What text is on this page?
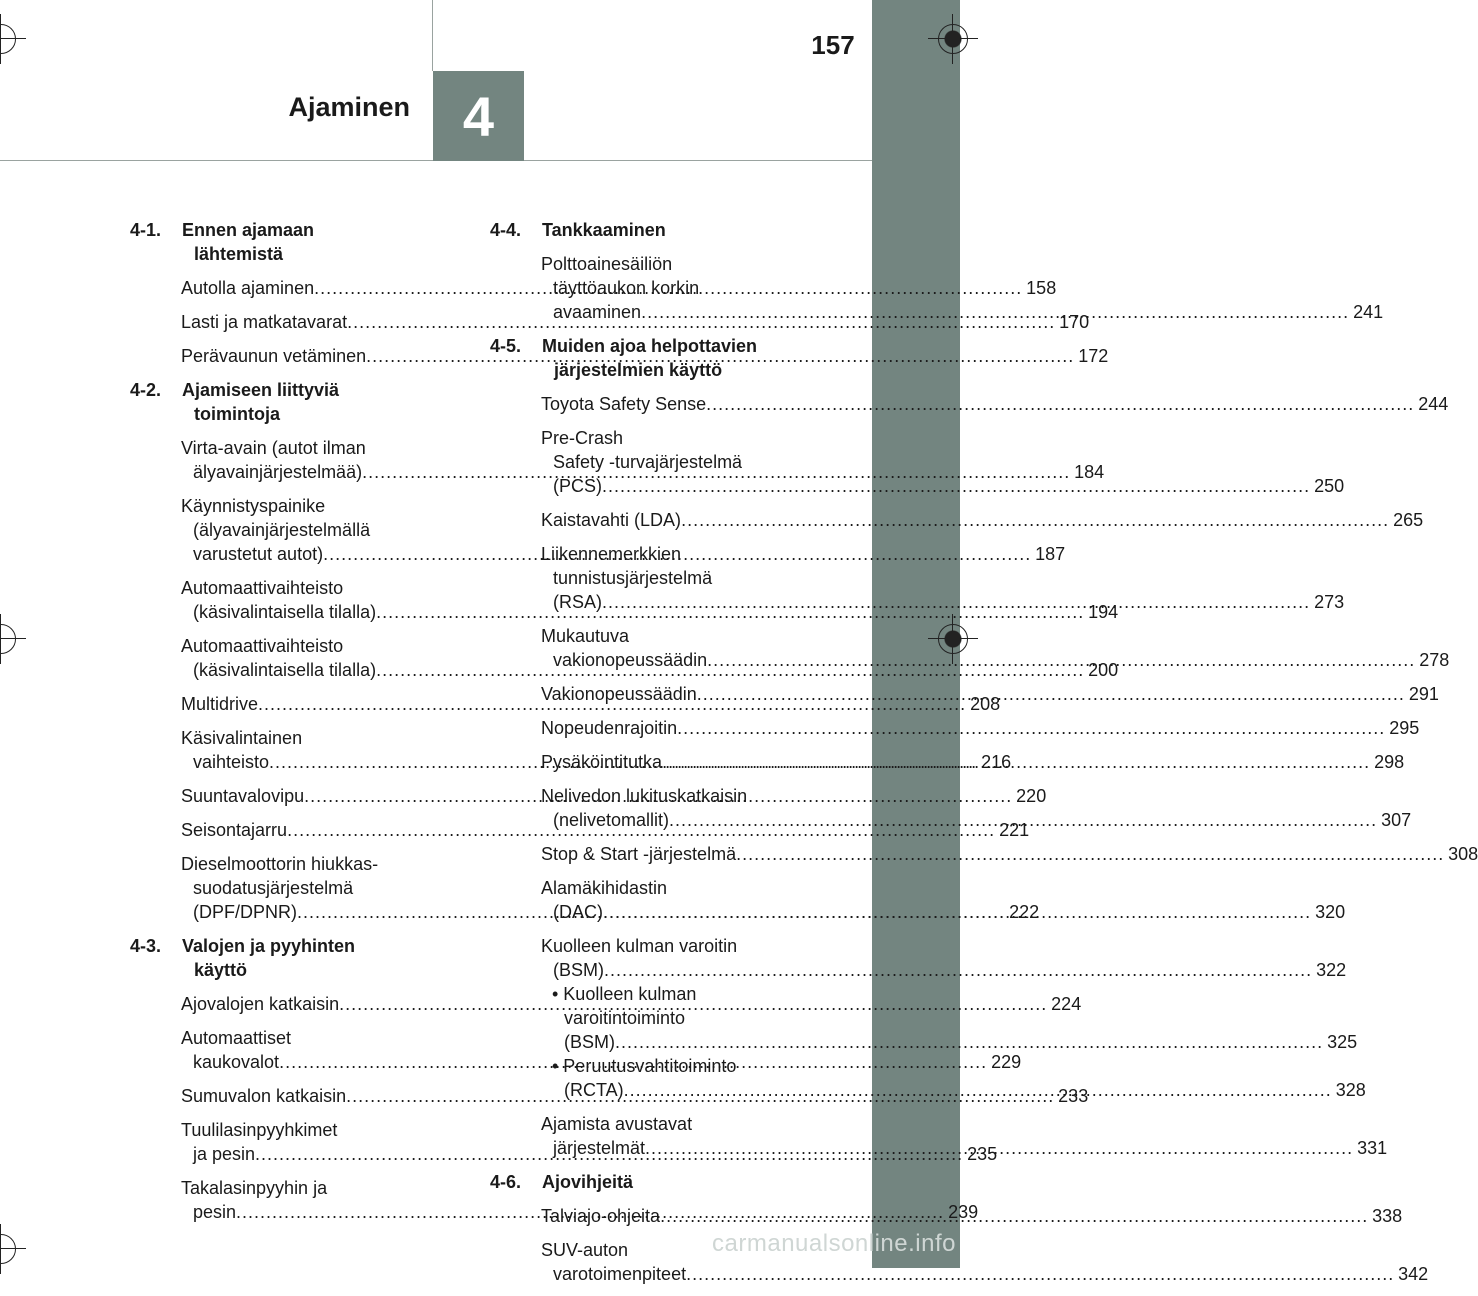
157
Ajaminen 4
4-1.	Ennen ajamaan
lähtemistä
Autolla ajaminen .....	158
Lasti ja matkatavarat .....	170
Perävaunun vetäminen .....	172
4-2.	Ajamiseen liittyviä
toimintoja
Virta-avain (autot ilman
älyavainjärjestelmää) .....	184
Käynnistyspainike
(älyavainjärjestelmällä
varustetut autot) .....	187
Automaattivaihteisto
(käsivalintaisella tilalla) .....	194
Automaattivaihteisto
(käsivalintaisella tilalla) .....	200
Multidrive .....	208
Käsivalintainen
vaihteisto .....	216
Suuntavalovipu .....	220
Seisontajarru .....	221
Dieselmoottorin hiukkas-
suodatusjärjestelmä
(DPF/DPNR) .....	222
4-3.	Valojen ja pyyhinten
käyttö
Ajovalojen katkaisin .....	224
Automaattiset
kaukovalot .....	229
Sumuvalon katkaisin .....	233
Tuulilasinpyyhkimet
ja pesin .....	235
Takalasinpyyhin ja
pesin .....	239
4-4.	Tankkaaminen
Polttoainesäiliön
täyttöaukon korkin
avaaminen .....	241
4-5.	Muiden ajoa helpottavien
järjestelmien käyttö
Toyota Safety Sense .....	244
Pre-Crash
Safety -turvajärjestelmä
(PCS) .....	250
Kaistavahti (LDA) .....	265
Liikennemerkkien
tunnistusjärjestelmä
(RSA) .....	273
Mukautuva
vakionopeussäädin .....	278
Vakionopeussäädin .....	291
Nopeudenrajoitin .....	295
Pysäköintitutka .....	298
Nelivedon lukituskatkaisin
(nelivetomallit) .....	307
Stop & Start -järjestelmä .....	308
Alamäkihidastin
(DAC) .....	320
Kuolleen kulman varoitin
(BSM) .....	322
• Kuolleen kulman
varoitintoiminto
(BSM) .....	325
• Peruutusvahtitoiminto
(RCTA) .....	328
Ajamista avustavat
järjestelmät .....	331
4-6.	Ajovihjeitä
Talviajo-ohjeita .....	338
SUV-auton
varotoimenpiteet .....	342
carmanualsonline.info
